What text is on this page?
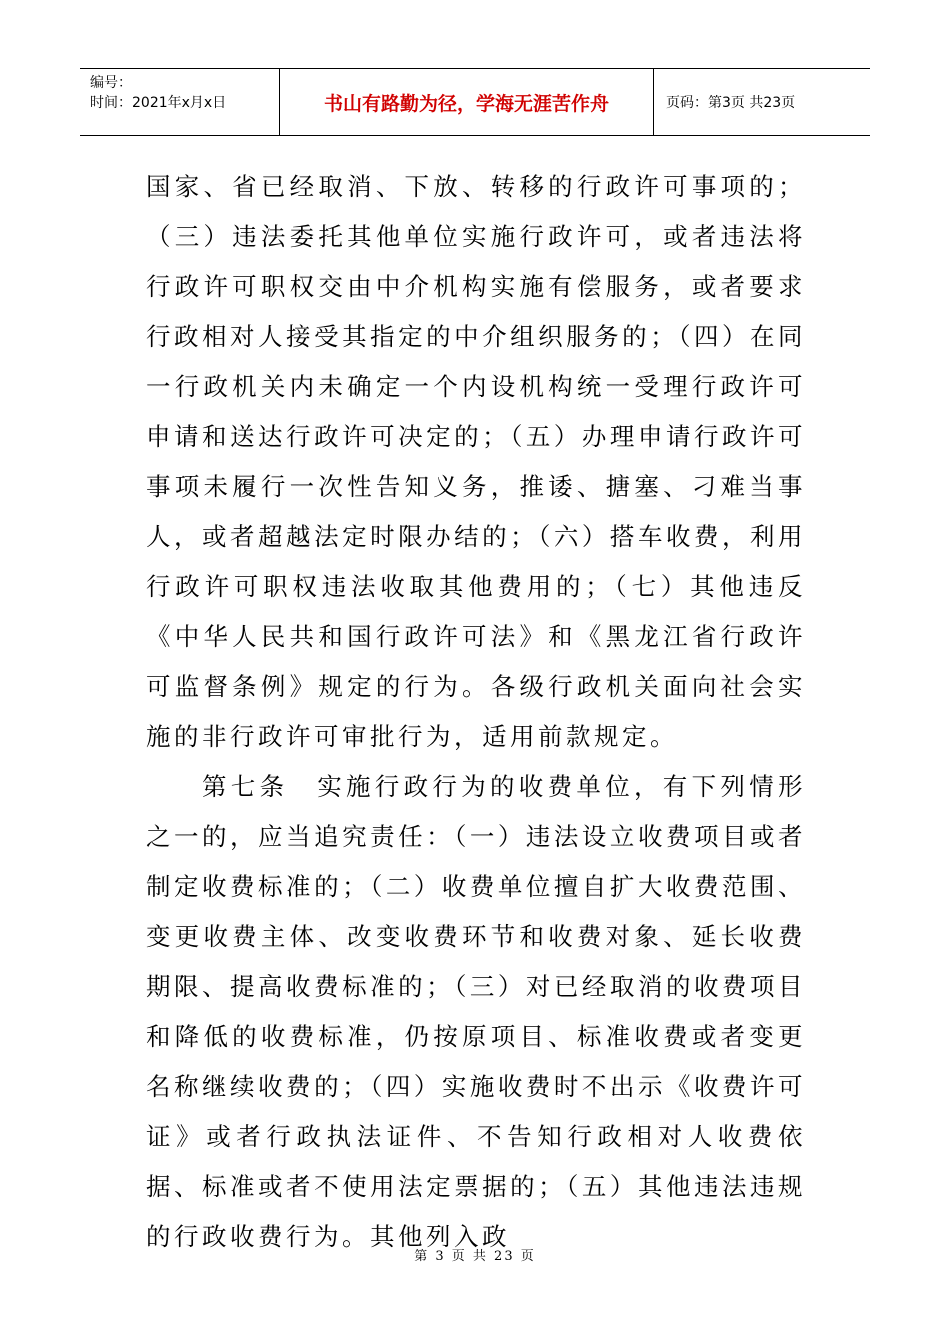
编号：
时间：2021年x月x日	书山有路勤为径，学海无涯苦作舟	页码：第3页 共23页

国家、省已经取消、下放、转移的行政许可事项的；（三）违法委托其他单位实施行政许可，或者违法将行政许可职权交由中介机构实施有偿服务，或者要求行政相对人接受其指定的中介组织服务的；（四）在同一行政机关内未确定一个内设机构统一受理行政许可申请和送达行政许可决定的；（五）办理申请行政许可事项未履行一次性告知义务，推诿、搪塞、刁难当事人，或者超越法定时限办结的；（六）搭车收费，利用行政许可职权违法收取其他费用的；（七）其他违反《中华人民共和国行政许可法》和《黑龙江省行政许可监督条例》规定的行为。各级行政机关面向社会实施的非行政许可审批行为，适用前款规定。

第七条　实施行政行为的收费单位，有下列情形之一的，应当追究责任：（一）违法设立收费项目或者制定收费标准的；（二）收费单位擅自扩大收费范围、变更收费主体、改变收费环节和收费对象、延长收费期限、提高收费标准的；（三）对已经取消的收费项目和降低的收费标准，仍按原项目、标准收费或者变更名称继续收费的；（四）实施收费时不出示《收费许可证》或者行政执法证件、不告知行政相对人收费依据、标准或者不使用法定票据的；（五）其他违法违规的行政收费行为。其他列入政

第 3 页 共 23 页
